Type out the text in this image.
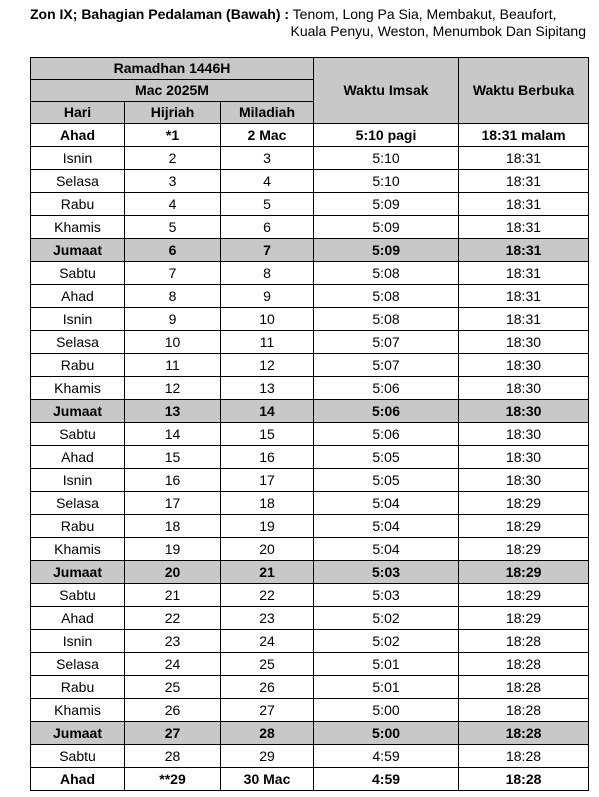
Zon IX; Bahagian Pedalaman (Bawah) : Tenom, Long Pa Sia, Membakut, Beaufort,
Kuala Penyu, Weston, Menumbok Dan Sipitang
Ramadhan 1446H			Waktu Imsak	Waktu Berbuka
Mac 2025M				
Hari	Hijriah	Miladiah		
Ahad	*1	2 Mac	5:10 pagi	18:31 malam
Isnin	2	3	5:10	18:31
Selasa	3	4	5:10	18:31
Rabu	4	5	5:09	18:31
Khamis	5	6	5:09	18:31
Jumaat	6	7	5:09	18:31
Sabtu	7	8	5:08	18:31
Ahad	8	9	5:08	18:31
Isnin	9	10	5:08	18:31
Selasa	10	11	5:07	18:30
Rabu	11	12	5:07	18:30
Khamis	12	13	5:06	18:30
Jumaat	13	14	5:06	18:30
Sabtu	14	15	5:06	18:30
Ahad	15	16	5:05	18:30
Isnin	16	17	5:05	18:30
Selasa	17	18	5:04	18:29
Rabu	18	19	5:04	18:29
Khamis	19	20	5:04	18:29
Jumaat	20	21	5:03	18:29
Sabtu	21	22	5:03	18:29
Ahad	22	23	5:02	18:29
Isnin	23	24	5:02	18:28
Selasa	24	25	5:01	18:28
Rabu	25	26	5:01	18:28
Khamis	26	27	5:00	18:28
Jumaat	27	28	5:00	18:28
Sabtu	28	29	4:59	18:28
Ahad	**29	30 Mac	4:59	18:28
